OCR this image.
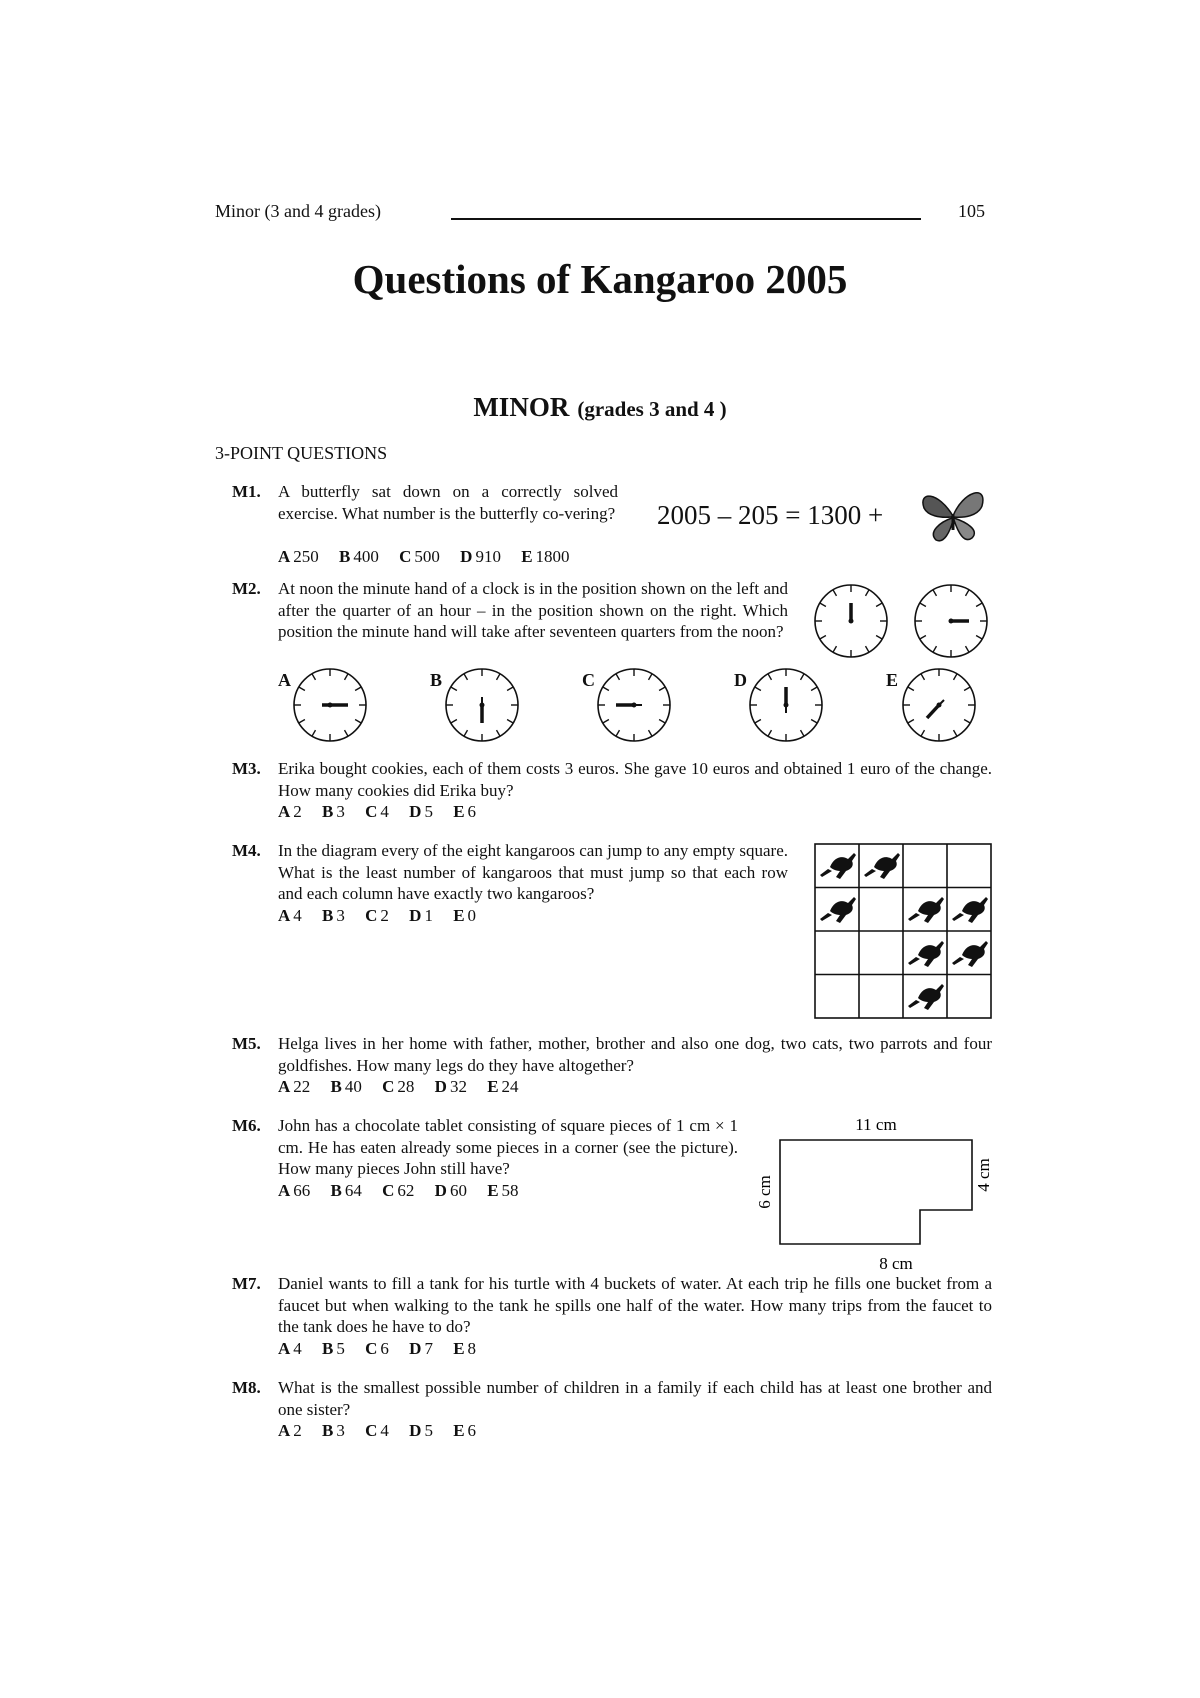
Minor (3 and 4 grades)	105
Questions of Kangaroo 2005
MINOR (grades 3 and 4 )
3-POINT QUESTIONS
M1. A butterfly sat down on a correctly solved exercise. What number is the butterfly co-vering?
A 250 B 400 C 500 D 910 E 1800
2005 – 205 = 1300 +
M2. At noon the minute hand of a clock is in the position shown on the left and after the quarter of an hour – in the position shown on the right. Which position the minute hand will take after seventeen quarters from the noon?
A	B	C	D	E
M3. Erika bought cookies, each of them costs 3 euros. She gave 10 euros and obtained 1 euro of the change. How many cookies did Erika buy?
A 2 B 3 C 4 D 5 E 6
M4. In the diagram every of the eight kangaroos can jump to any empty square. What is the least number of kangaroos that must jump so that each row and each column have exactly two kangaroos?
A 4 B 3 C 2 D 1 E 0
M5. Helga lives in her home with father, mother, brother and also one dog, two cats, two parrots and four goldfishes. How many legs do they have altogether?
A 22 B 40 C 28 D 32 E 24
M6. John has a chocolate tablet consisting of square pieces of 1 cm × 1 cm. He has eaten already some pieces in a corner (see the picture). How many pieces John still have?
A 66 B 64 C 62 D 60 E 58
11 cm
8 cm
4 cm
6 cm
M7. Daniel wants to fill a tank for his turtle with 4 buckets of water. At each trip he fills one bucket from a faucet but when walking to the tank he spills one half of the water. How many trips from the faucet to the tank does he have to do?
A 4 B 5 C 6 D 7 E 8
M8. What is the smallest possible number of children in a family if each child has at least one brother and one sister?
A 2 B 3 C 4 D 5 E 6
